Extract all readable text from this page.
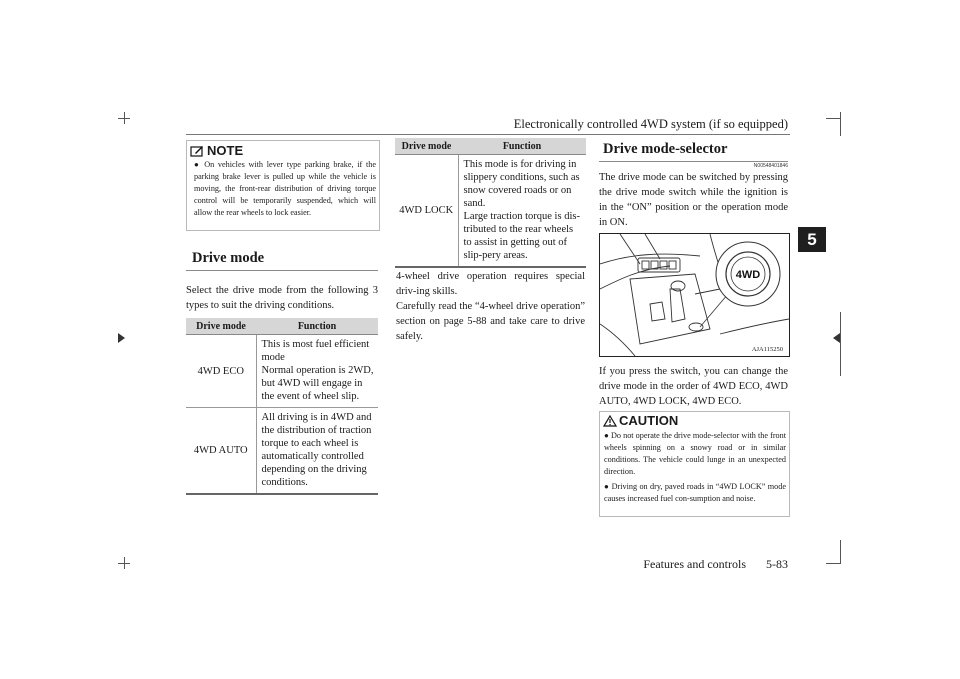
Electronically controlled 4WD system (if so equipped)
5
NOTE
● On vehicles with lever type parking brake, if the parking brake lever is pulled up while the vehicle is moving, the front-rear distribution of driving torque control will be temporarily suspended, which will allow the rear wheels to lock easier.
Drive mode
Select the drive mode from the following 3 types to suit the driving conditions.
Drive mode	Function
4WD ECO	This is most fuel efficient mode
Normal operation is 2WD, but 4WD will engage in the event of wheel slip.
4WD AUTO	All driving is in 4WD and the distribution of traction torque to each wheel is automatically controlled depending on the driving conditions.
Drive mode	Function
4WD LOCK	This mode is for driving in slippery conditions, such as snow covered roads or on sand.
Large traction torque is dis-tributed to the rear wheels to assist in getting out of slip-pery areas.
4-wheel drive operation requires special driv-ing skills.
Carefully read the “4-wheel drive operation” section on page 5-88 and take care to drive safely.
Drive mode-selector
N00548401846
The drive mode can be switched by pressing the drive mode switch while the ignition is in the “ON” position or the operation mode in ON.
4WD
AJA115250
If you press the switch, you can change the drive mode in the order of 4WD ECO, 4WD AUTO, 4WD LOCK, 4WD ECO.
CAUTION
● Do not operate the drive mode-selector with the front wheels spinning on a snowy road or in similar conditions. The vehicle could lunge in an unexpected direction.
● Driving on dry, paved roads in “4WD LOCK” mode causes increased fuel con-sumption and noise.
Features and controls 5-83
